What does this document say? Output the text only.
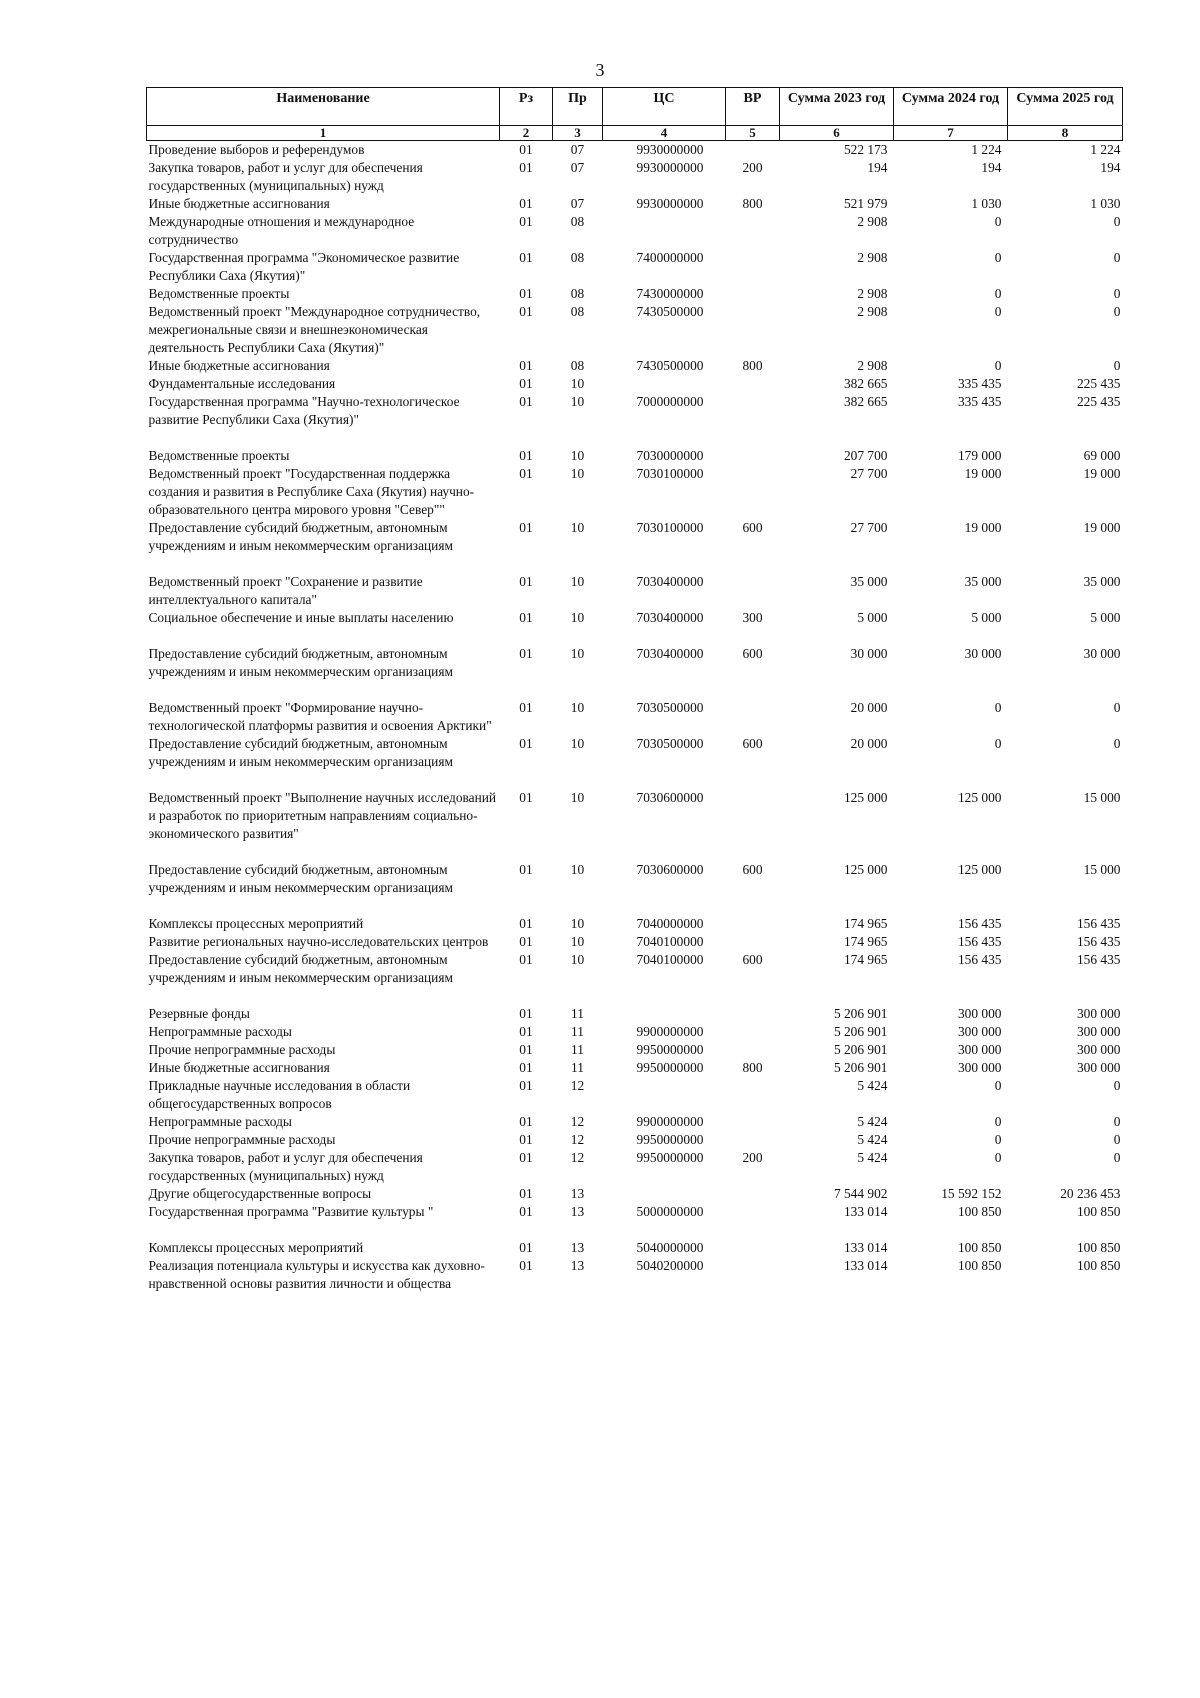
3
Наименование	Рз	Пр	ЦС	ВР	Сумма 2023 год	Сумма 2024 год	Сумма 2025 год
1	2	3	4	5	6	7	8
Проведение выборов и референдумов	01	07	9930000000		522 173	1 224	1 224
Закупка товаров, работ и услуг для обеспечения государственных (муниципальных) нужд	01	07	9930000000	200	194	194	194
Иные бюджетные ассигнования	01	07	9930000000	800	521 979	1 030	1 030
Международные отношения и международное сотрудничество	01	08			2 908	0	0
Государственная программа "Экономическое развитие Республики Саха (Якутия)"	01	08	7400000000		2 908	0	0
Ведомственные проекты	01	08	7430000000		2 908	0	0
Ведомственный проект "Международное сотрудничество, межрегиональные связи и внешнеэкономическая деятельность Республики Саха (Якутия)"	01	08	7430500000		2 908	0	0
Иные бюджетные ассигнования	01	08	7430500000	800	2 908	0	0
Фундаментальные исследования	01	10			382 665	335 435	225 435
Государственная программа "Научно-технологическое развитие Республики Саха (Якутия)"	01	10	7000000000		382 665	335 435	225 435
Ведомственные проекты	01	10	7030000000		207 700	179 000	69 000
Ведомственный проект "Государственная поддержка создания и развития в Республике Саха (Якутия) научно-образовательного центра мирового уровня "Север""	01	10	7030100000		27 700	19 000	19 000
Предоставление субсидий бюджетным, автономным учреждениям и иным некоммерческим организациям	01	10	7030100000	600	27 700	19 000	19 000
Ведомственный проект "Сохранение и развитие интеллектуального капитала"	01	10	7030400000		35 000	35 000	35 000
Социальное обеспечение и иные выплаты населению	01	10	7030400000	300	5 000	5 000	5 000
Предоставление субсидий бюджетным, автономным учреждениям и иным некоммерческим организациям	01	10	7030400000	600	30 000	30 000	30 000
Ведомственный проект "Формирование научно-технологической платформы развития и освоения Арктики"	01	10	7030500000		20 000	0	0
Предоставление субсидий бюджетным, автономным учреждениям и иным некоммерческим организациям	01	10	7030500000	600	20 000	0	0
Ведомственный проект "Выполнение научных исследований и разработок по приоритетным направлениям социально-экономического развития"	01	10	7030600000		125 000	125 000	15 000
Предоставление субсидий бюджетным, автономным учреждениям и иным некоммерческим организациям	01	10	7030600000	600	125 000	125 000	15 000
Комплексы процессных мероприятий	01	10	7040000000		174 965	156 435	156 435
Развитие региональных научно-исследовательских центров	01	10	7040100000		174 965	156 435	156 435
Предоставление субсидий бюджетным, автономным учреждениям и иным некоммерческим организациям	01	10	7040100000	600	174 965	156 435	156 435
Резервные фонды	01	11			5 206 901	300 000	300 000
Непрограммные расходы	01	11	9900000000		5 206 901	300 000	300 000
Прочие непрограммные расходы	01	11	9950000000		5 206 901	300 000	300 000
Иные бюджетные ассигнования	01	11	9950000000	800	5 206 901	300 000	300 000
Прикладные научные исследования в области общегосударственных вопросов	01	12			5 424	0	0
Непрограммные расходы	01	12	9900000000		5 424	0	0
Прочие непрограммные расходы	01	12	9950000000		5 424	0	0
Закупка товаров, работ и услуг для обеспечения государственных (муниципальных) нужд	01	12	9950000000	200	5 424	0	0
Другие общегосударственные вопросы	01	13			7 544 902	15 592 152	20 236 453
Государственная программа "Развитие культуры "	01	13	5000000000		133 014	100 850	100 850
Комплексы процессных мероприятий	01	13	5040000000		133 014	100 850	100 850
Реализация потенциала культуры и искусства как духовно-нравственной основы развития личности и общества	01	13	5040200000		133 014	100 850	100 850
